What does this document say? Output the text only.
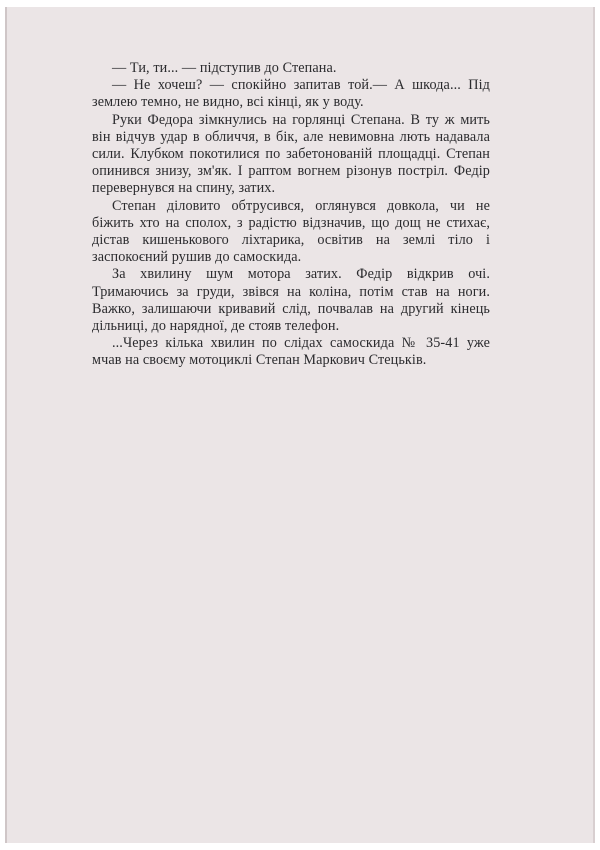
— Ти, ти... — підступив до Степана.

— Не хочеш? — спокійно запитав той.— А шкода... Під землею темно, не видно, всі кінці, як у воду.

Руки Федора зімкнулись на горлянці Степана. В ту ж мить він відчув удар в обличчя, в бік, але невимовна лють надавала сили. Клубком покотилися по забетонованій площадці. Степан опинився знизу, зм'як. І раптом вогнем різонув постріл. Федір перевернувся на спину, затих.

Степан діловито обтрусився, оглянувся довкола, чи не біжить хто на сполох, з радістю відзначив, що дощ не стихає, дістав кишенькового ліхтарика, освітив на землі тіло і заспокоєний рушив до самоскида.

За хвилину шум мотора затих. Федір відкрив очі. Тримаючись за груди, звівся на коліна, потім став на ноги. Важко, залишаючи кривавий слід, почвалав на другий кінець дільниці, до нарядної, де стояв телефон.

...Через кілька хвилин по слідах самоскида № 35-41 уже мчав на своєму мотоциклі Степан Маркович Стецьків.
